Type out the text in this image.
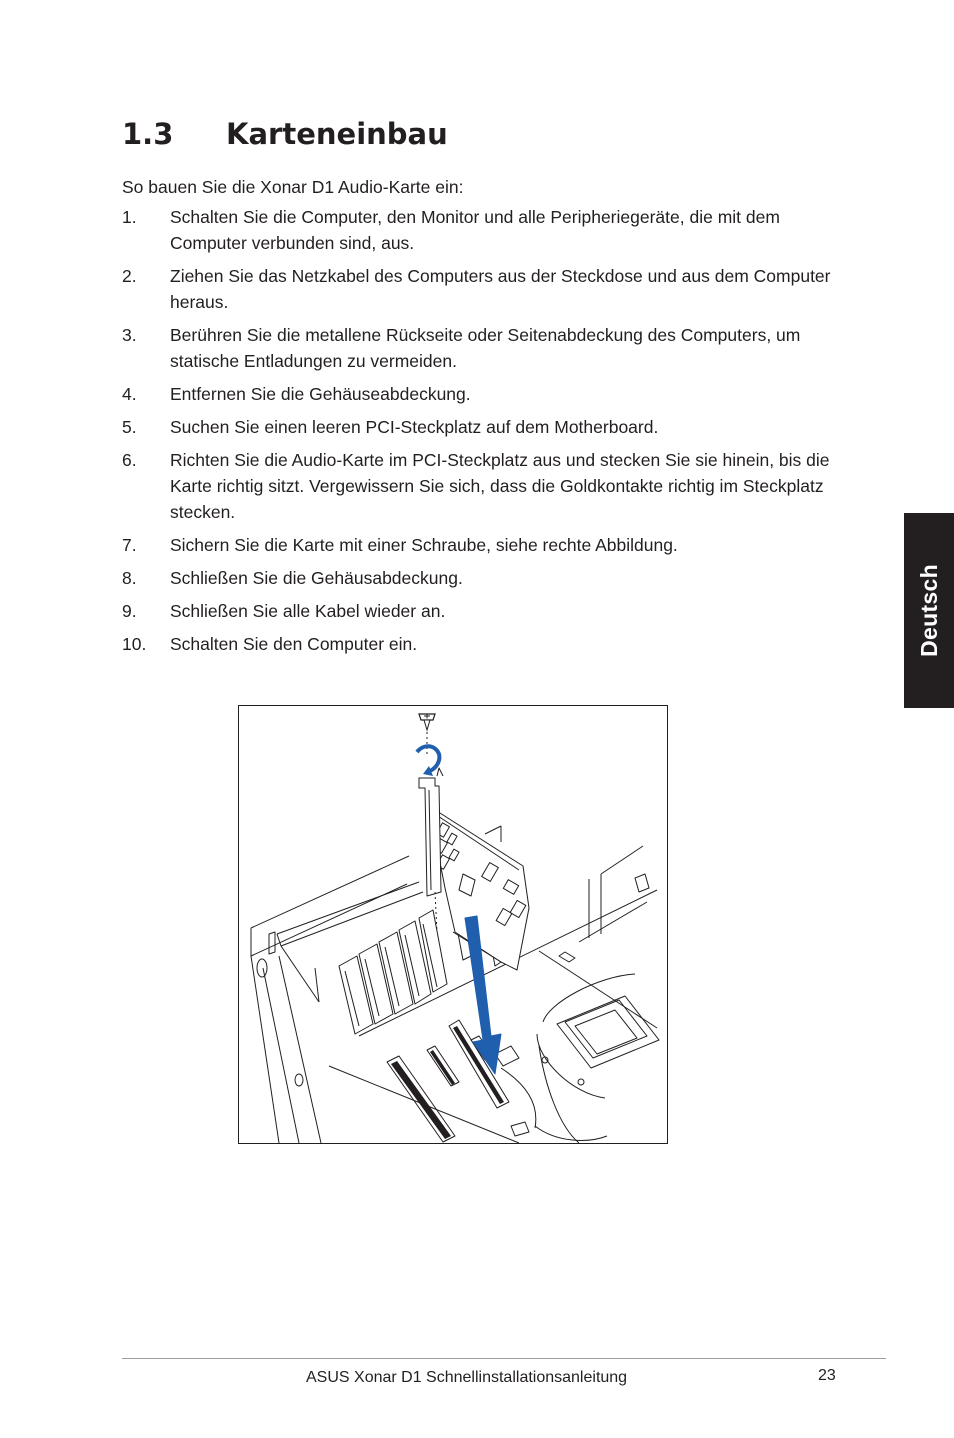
1.3 Karteneinbau

So bauen Sie die Xonar D1 Audio-Karte ein:

1.	Schalten Sie die Computer, den Monitor und alle Peripheriegeräte, die mit dem Computer verbunden sind, aus.
2.	Ziehen Sie das Netzkabel des Computers aus der Steckdose und aus dem Computer heraus.
3.	Berühren Sie die metallene Rückseite oder Seitenabdeckung des Computers, um statische Entladungen zu vermeiden.
4.	Entfernen Sie die Gehäuseabdeckung.
5.	Suchen Sie einen leeren PCI-Steckplatz auf dem Motherboard.
6.	Richten Sie die Audio-Karte im PCI-Steckplatz aus und stecken Sie sie hinein, bis die Karte richtig sitzt. Vergewissern Sie sich, dass die Goldkontakte richtig im Steckplatz stecken.
7.	Sichern Sie die Karte mit einer Schraube, siehe rechte Abbildung.
8.	Schließen Sie die Gehäusabdeckung.
9.	Schließen Sie alle Kabel wieder an.
10.	Schalten Sie den Computer ein.	Deutsch
ASUS Xonar D1 Schnellinstallationsanleitung	23
